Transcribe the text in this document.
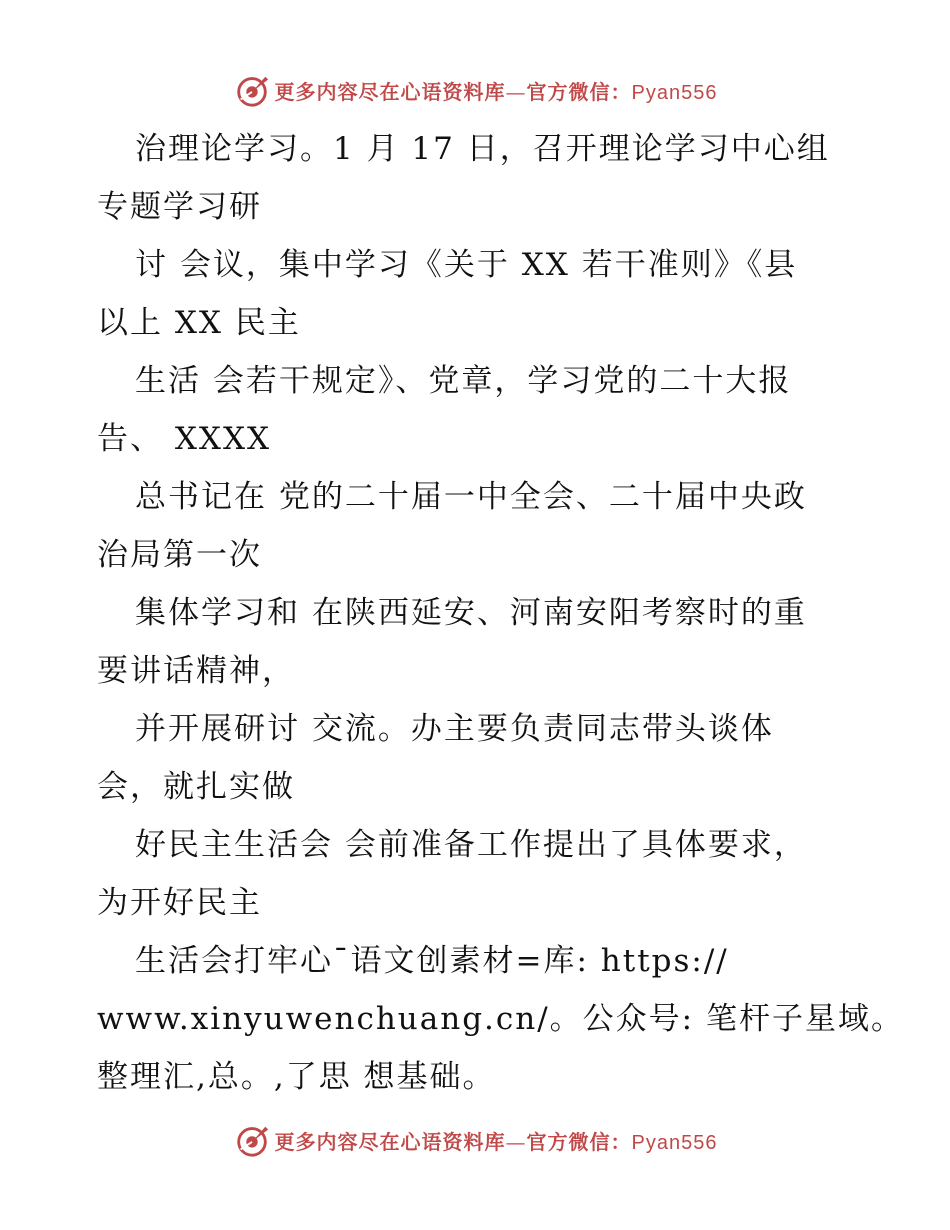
更多内容尽在心语资料库—官方微信：Pyan556
治理论学习。1 月 17 日，召开理论学习中心组
专题学习研
讨 会议，集中学习《关于 XX 若干准则》《县
以上 XX 民主
生活 会若干规定》、党章，学习党的二十大报
告、 XXXX
总书记在 党的二十届一中全会、二十届中央政
治局第一次
集体学习和 在陕西延安、河南安阳考察时的重
要讲话精神，
并开展研讨 交流。办主要负责同志带头谈体
会，就扎实做
好民主生活会 会前准备工作提出了具体要求，
为开好民主
生活会打牢心¯语文创素材=库: https://
www.xinyuwenchuang.cn/。公众号: 笔杆子星域。
整理汇,总。,了思 想基础。
更多内容尽在心语资料库—官方微信：Pyan556
